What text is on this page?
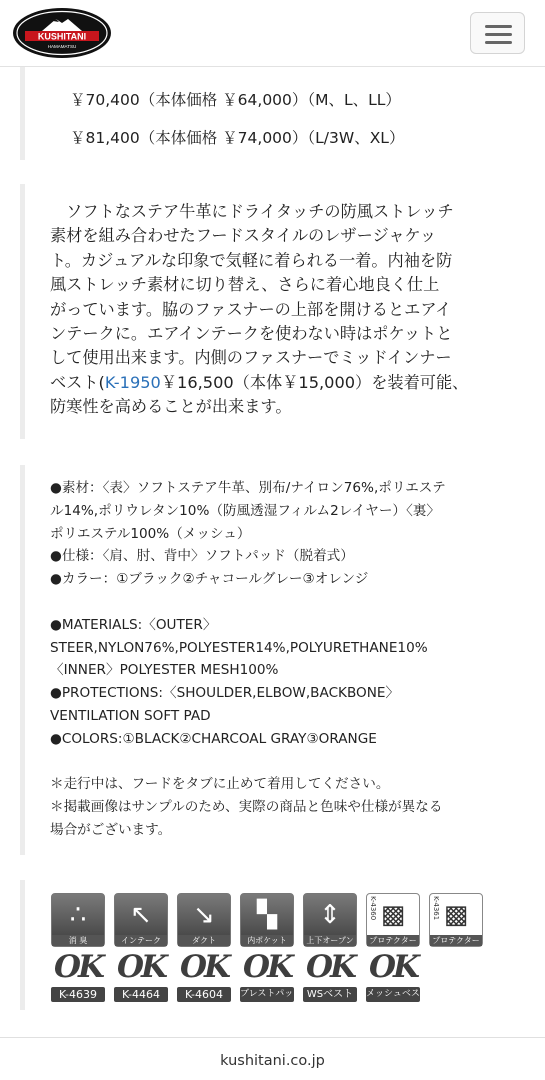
KUSHITANI
HAMAMATSU
￥70,400（本体価格 ￥64,000）（M、L、LL）
￥81,400（本体価格 ￥74,000）（L/3W、XL）

　ソフトなステア牛革にドライタッチの防風ストレッチ

素材を組み合わせたフードスタイルのレザージャケッ

ト。カジュアルな印象で気軽に着られる一着。内袖を防

風ストレッチ素材に切り替え、さらに着心地良く仕上

がっています。脇のファスナーの上部を開けるとエアイ

ンテークに。エアインテークを使わない時はポケットと

して使用出来ます。内側のファスナーでミッドインナー

ベスト(K-1950￥16,500（本体￥15,000）を装着可能、

防寒性を高めることが出来ます。

●素材：〈表〉ソフトステア牛革、別布/ナイロン76%,ポリエステ

ル14%,ポリウレタン10%（防風透湿フィルム2レイヤー）〈裏〉

ポリエステル100%（メッシュ）

●仕様：〈肩、肘、背中〉ソフトパッド（脱着式）

●カラー：①ブラック②チャコールグレー③オレンジ

●MATERIALS:〈OUTER〉

STEER,NYLON76%,POLYESTER14%,POLYURETHANE10%

〈INNER〉POLYESTER MESH100%

●PROTECTIONS:〈SHOULDER,ELBOW,BACKBONE〉

VENTILATION SOFT PAD

●COLORS:①BLACK②CHARCOAL GRAY③ORANGE

＊走行中は、フードをタブに止めて着用してください。

＊掲載画像はサンプルのため、実際の商品と色味や仕様が異なる

場合がございます。

∴
消 臭
↖
インテーク
↘
ダクト
▚
内ポケット
⇕
上下オープン
▩
K-4360
プロテクター
▩
K-4361
プロテクター
OK OK OK OK OK OK
K-4639	K-4464	K-4604	ブレストパット WSベスト	メッシュベスト
kushitani.co.jp
